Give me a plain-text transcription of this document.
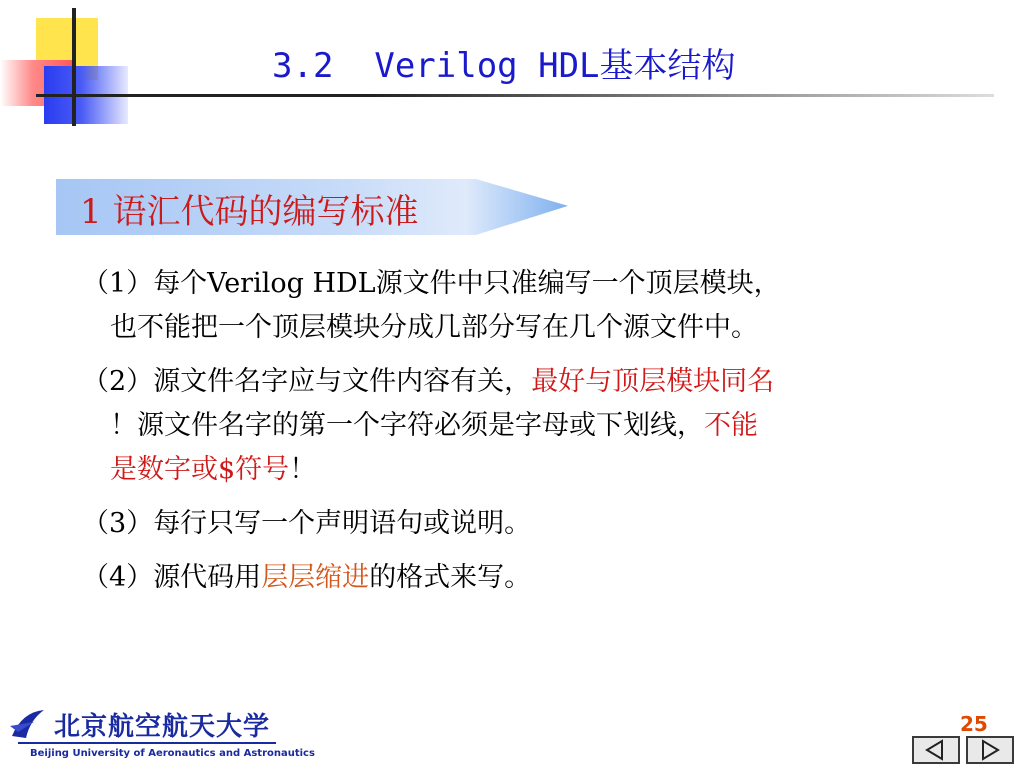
3.2  Verilog HDL基本结构
1 语汇代码的编写标准
（1）每个Verilog HDL源文件中只准编写一个顶层模块，
也不能把一个顶层模块分成几部分写在几个源文件中。
（2）源文件名字应与文件内容有关，最好与顶层模块同名
！源文件名字的第一个字符必须是字母或下划线，不能
是数字或$符号！
（3）每行只写一个声明语句或说明。
（4）源代码用层层缩进的格式来写。
北京航空航天大学
Beijing University of Aeronautics and Astronautics
25
